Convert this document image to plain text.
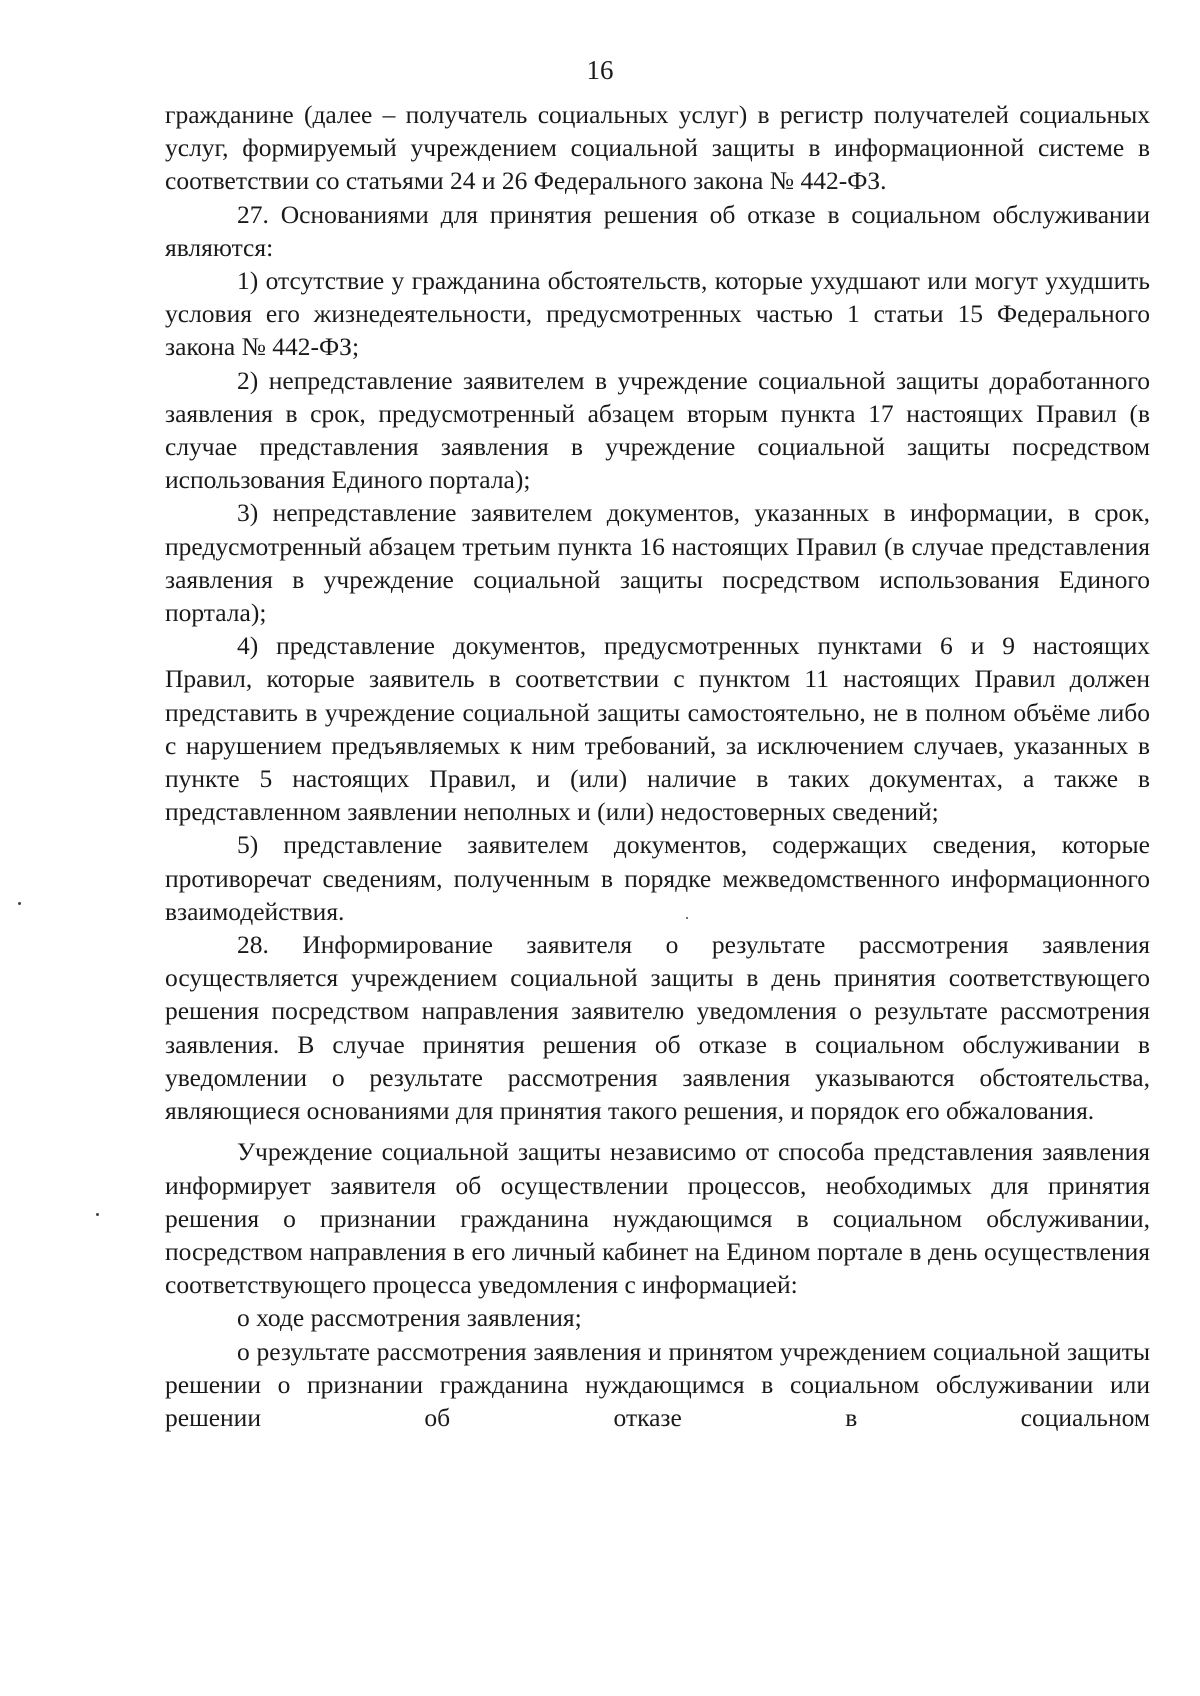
16

гражданине (далее – получатель социальных услуг) в регистр получателей социальных услуг, формируемый учреждением социальной защиты в информационной системе в соответствии со статьями 24 и 26 Федерального закона № 442-ФЗ.

27. Основаниями для принятия решения об отказе в социальном обслуживании являются:

1) отсутствие у гражданина обстоятельств, которые ухудшают или могут ухудшить условия его жизнедеятельности, предусмотренных частью 1 статьи 15 Федерального закона № 442-ФЗ;

2) непредставление заявителем в учреждение социальной защиты доработанного заявления в срок, предусмотренный абзацем вторым пункта 17 настоящих Правил (в случае представления заявления в учреждение социальной защиты посредством использования Единого портала);

3) непредставление заявителем документов, указанных в информации, в срок, предусмотренный абзацем третьим пункта 16 настоящих Правил (в случае представления заявления в учреждение социальной защиты посредством использования Единого портала);

4) представление документов, предусмотренных пунктами 6 и 9 настоящих Правил, которые заявитель в соответствии с пунктом 11 настоящих Правил должен представить в учреждение социальной защиты самостоятельно, не в полном объёме либо с нарушением предъявляемых к ним требований, за исключением случаев, указанных в пункте 5 настоящих Правил, и (или) наличие в таких документах, а также в представленном заявлении неполных и (или) недостоверных сведений;

5) представление заявителем документов, содержащих сведения, которые противоречат сведениям, полученным в порядке межведомственного информационного взаимодействия.

28. Информирование заявителя о результате рассмотрения заявления осуществляется учреждением социальной защиты в день принятия соответствующего решения посредством направления заявителю уведомления о результате рассмотрения заявления. В случае принятия решения об отказе в социальном обслуживании в уведомлении о результате рассмотрения заявления указываются обстоятельства, являющиеся основаниями для принятия такого решения, и порядок его обжалования.

Учреждение социальной защиты независимо от способа представления заявления информирует заявителя об осуществлении процессов, необходимых для принятия решения о признании гражданина нуждающимся в социальном обслуживании, посредством направления в его личный кабинет на Едином портале в день осуществления соответствующего процесса уведомления с информацией:

о ходе рассмотрения заявления;

о результате рассмотрения заявления и принятом учреждением социальной защиты решении о признании гражданина нуждающимся в социальном обслуживании или решении об отказе в социальном
